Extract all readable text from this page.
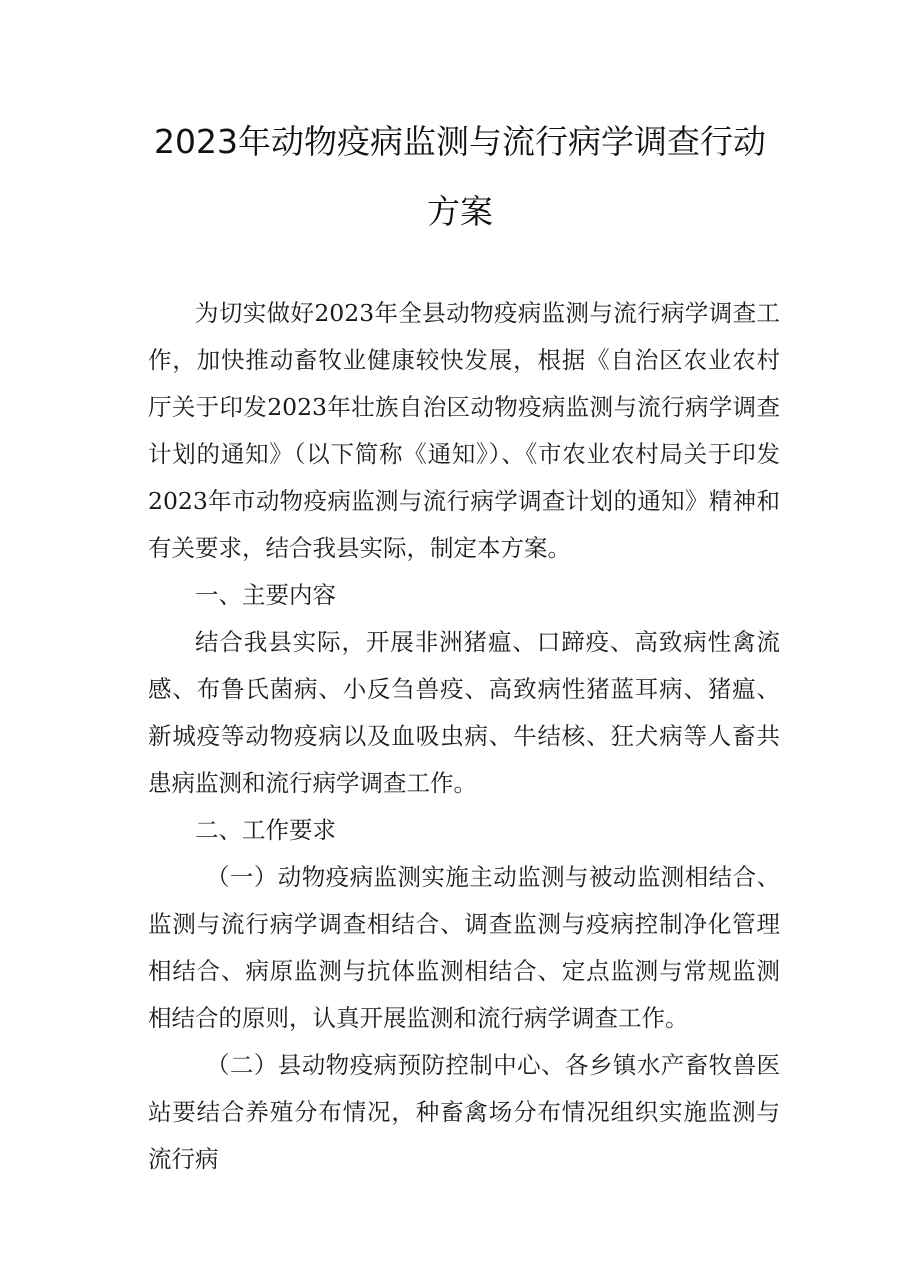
2023年动物疫病监测与流行病学调查行动
方案

为切实做好2023年全县动物疫病监测与流行病学调查工作，加快推动畜牧业健康较快发展，根据《自治区农业农村厅关于印发2023年壮族自治区动物疫病监测与流行病学调查计划的通知》（以下简称《通知》）、《市农业农村局关于印发2023年市动物疫病监测与流行病学调查计划的通知》精神和有关要求，结合我县实际，制定本方案。

一、主要内容

结合我县实际，开展非洲猪瘟、口蹄疫、高致病性禽流感、布鲁氏菌病、小反刍兽疫、高致病性猪蓝耳病、猪瘟、新城疫等动物疫病以及血吸虫病、牛结核、狂犬病等人畜共患病监测和流行病学调查工作。

二、工作要求

（一）动物疫病监测实施主动监测与被动监测相结合、监测与流行病学调查相结合、调查监测与疫病控制净化管理相结合、病原监测与抗体监测相结合、定点监测与常规监测相结合的原则，认真开展监测和流行病学调查工作。

（二）县动物疫病预防控制中心、各乡镇水产畜牧兽医站要结合养殖分布情况，种畜禽场分布情况组织实施监测与流行病
